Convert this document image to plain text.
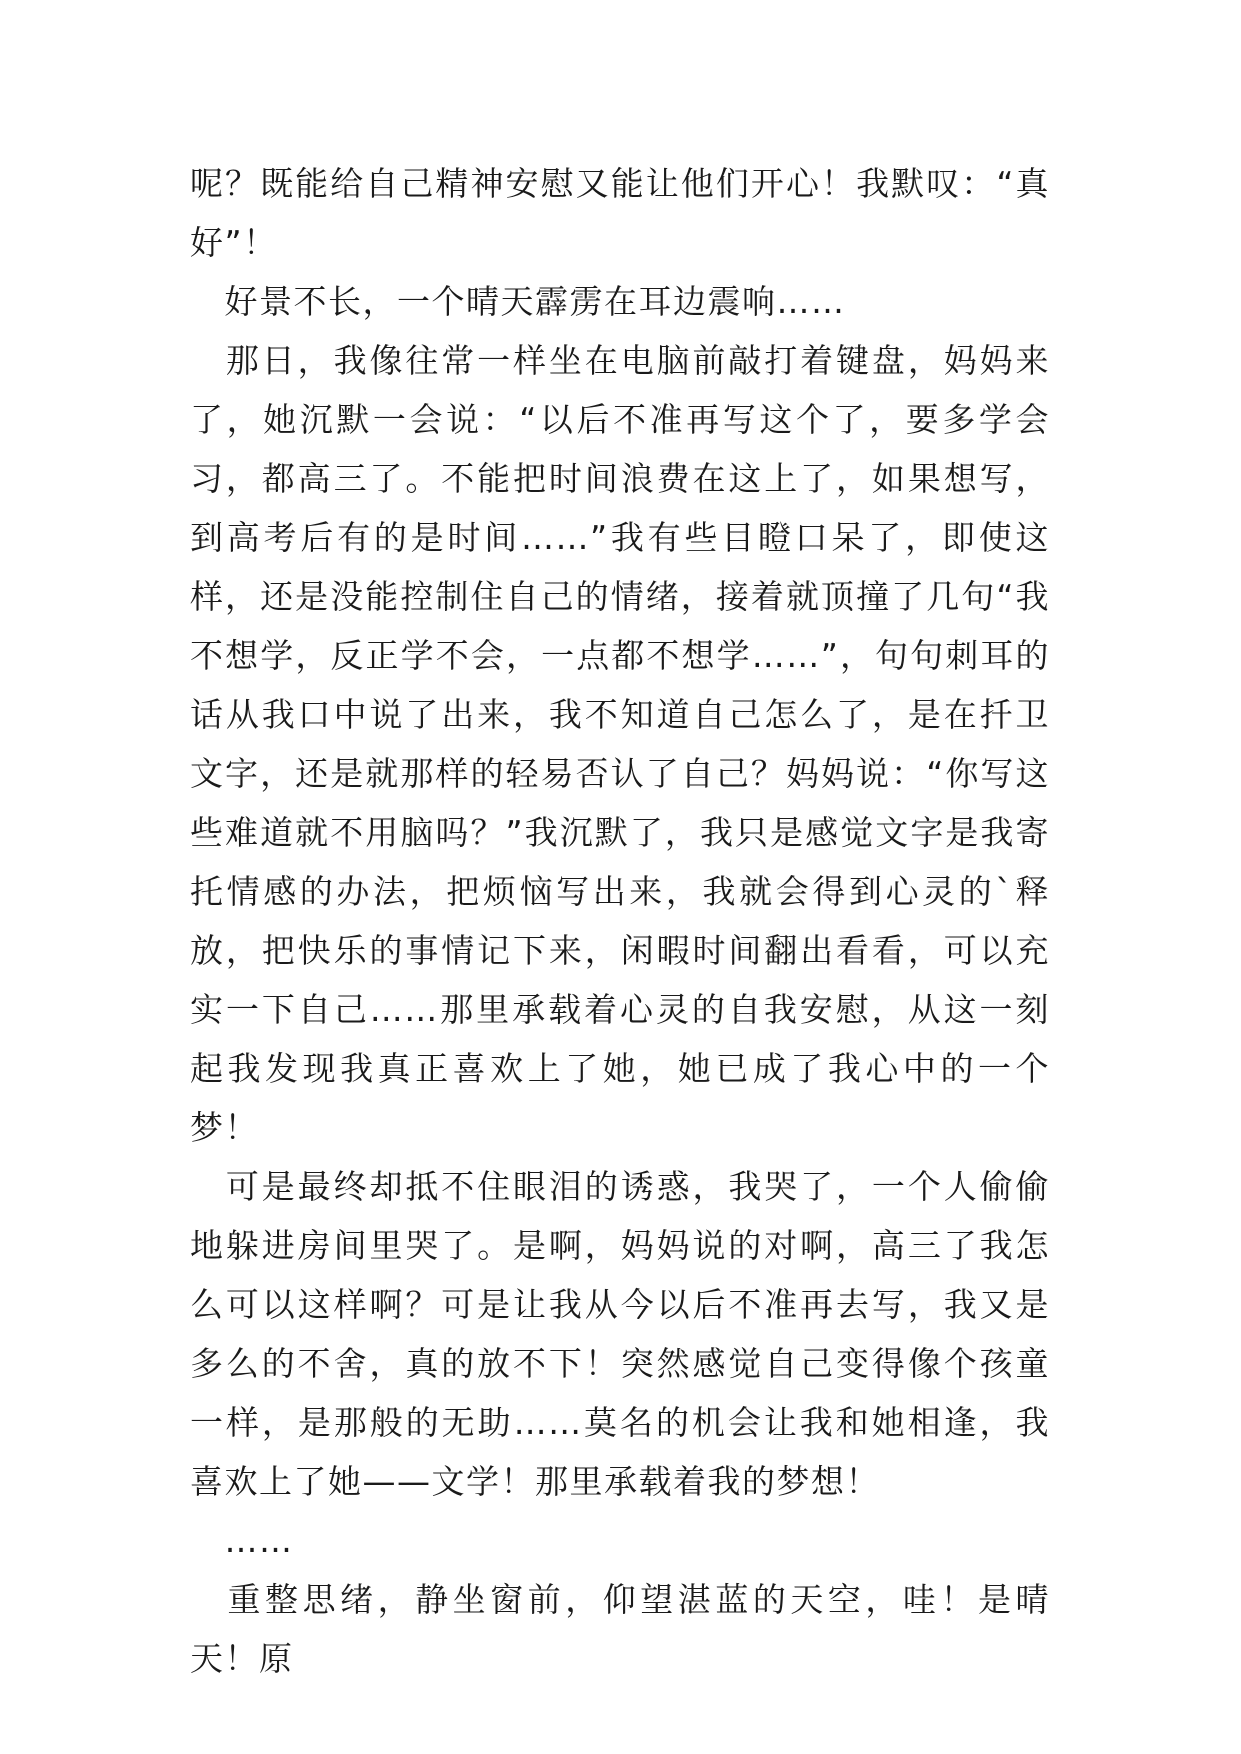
呢？既能给自己精神安慰又能让他们开心！我默叹：“真好”！

　好景不长，一个晴天霹雳在耳边震响……

　那日，我像往常一样坐在电脑前敲打着键盘，妈妈来了，她沉默一会说：“以后不准再写这个了，要多学会习，都高三了。不能把时间浪费在这上了，如果想写，到高考后有的是时间……”我有些目瞪口呆了，即使这样，还是没能控制住自己的情绪，接着就顶撞了几句“我不想学，反正学不会，一点都不想学……”，句句刺耳的话从我口中说了出来，我不知道自己怎么了，是在扦卫文字，还是就那样的轻易否认了自己？妈妈说：“你写这些难道就不用脑吗？”我沉默了，我只是感觉文字是我寄托情感的办法，把烦恼写出来，我就会得到心灵的`释放，把快乐的事情记下来，闲暇时间翻出看看，可以充实一下自己……那里承载着心灵的自我安慰，从这一刻起我发现我真正喜欢上了她，她已成了我心中的一个梦！

　可是最终却抵不住眼泪的诱惑，我哭了，一个人偷偷地躲进房间里哭了。是啊，妈妈说的对啊，高三了我怎么可以这样啊？可是让我从今以后不准再去写，我又是多么的不舍，真的放不下！突然感觉自己变得像个孩童一样，是那般的无助……莫名的机会让我和她相逢，我喜欢上了她——文学！那里承载着我的梦想！

　……

　重整思绪，静坐窗前，仰望湛蓝的天空，哇！是晴天！原
